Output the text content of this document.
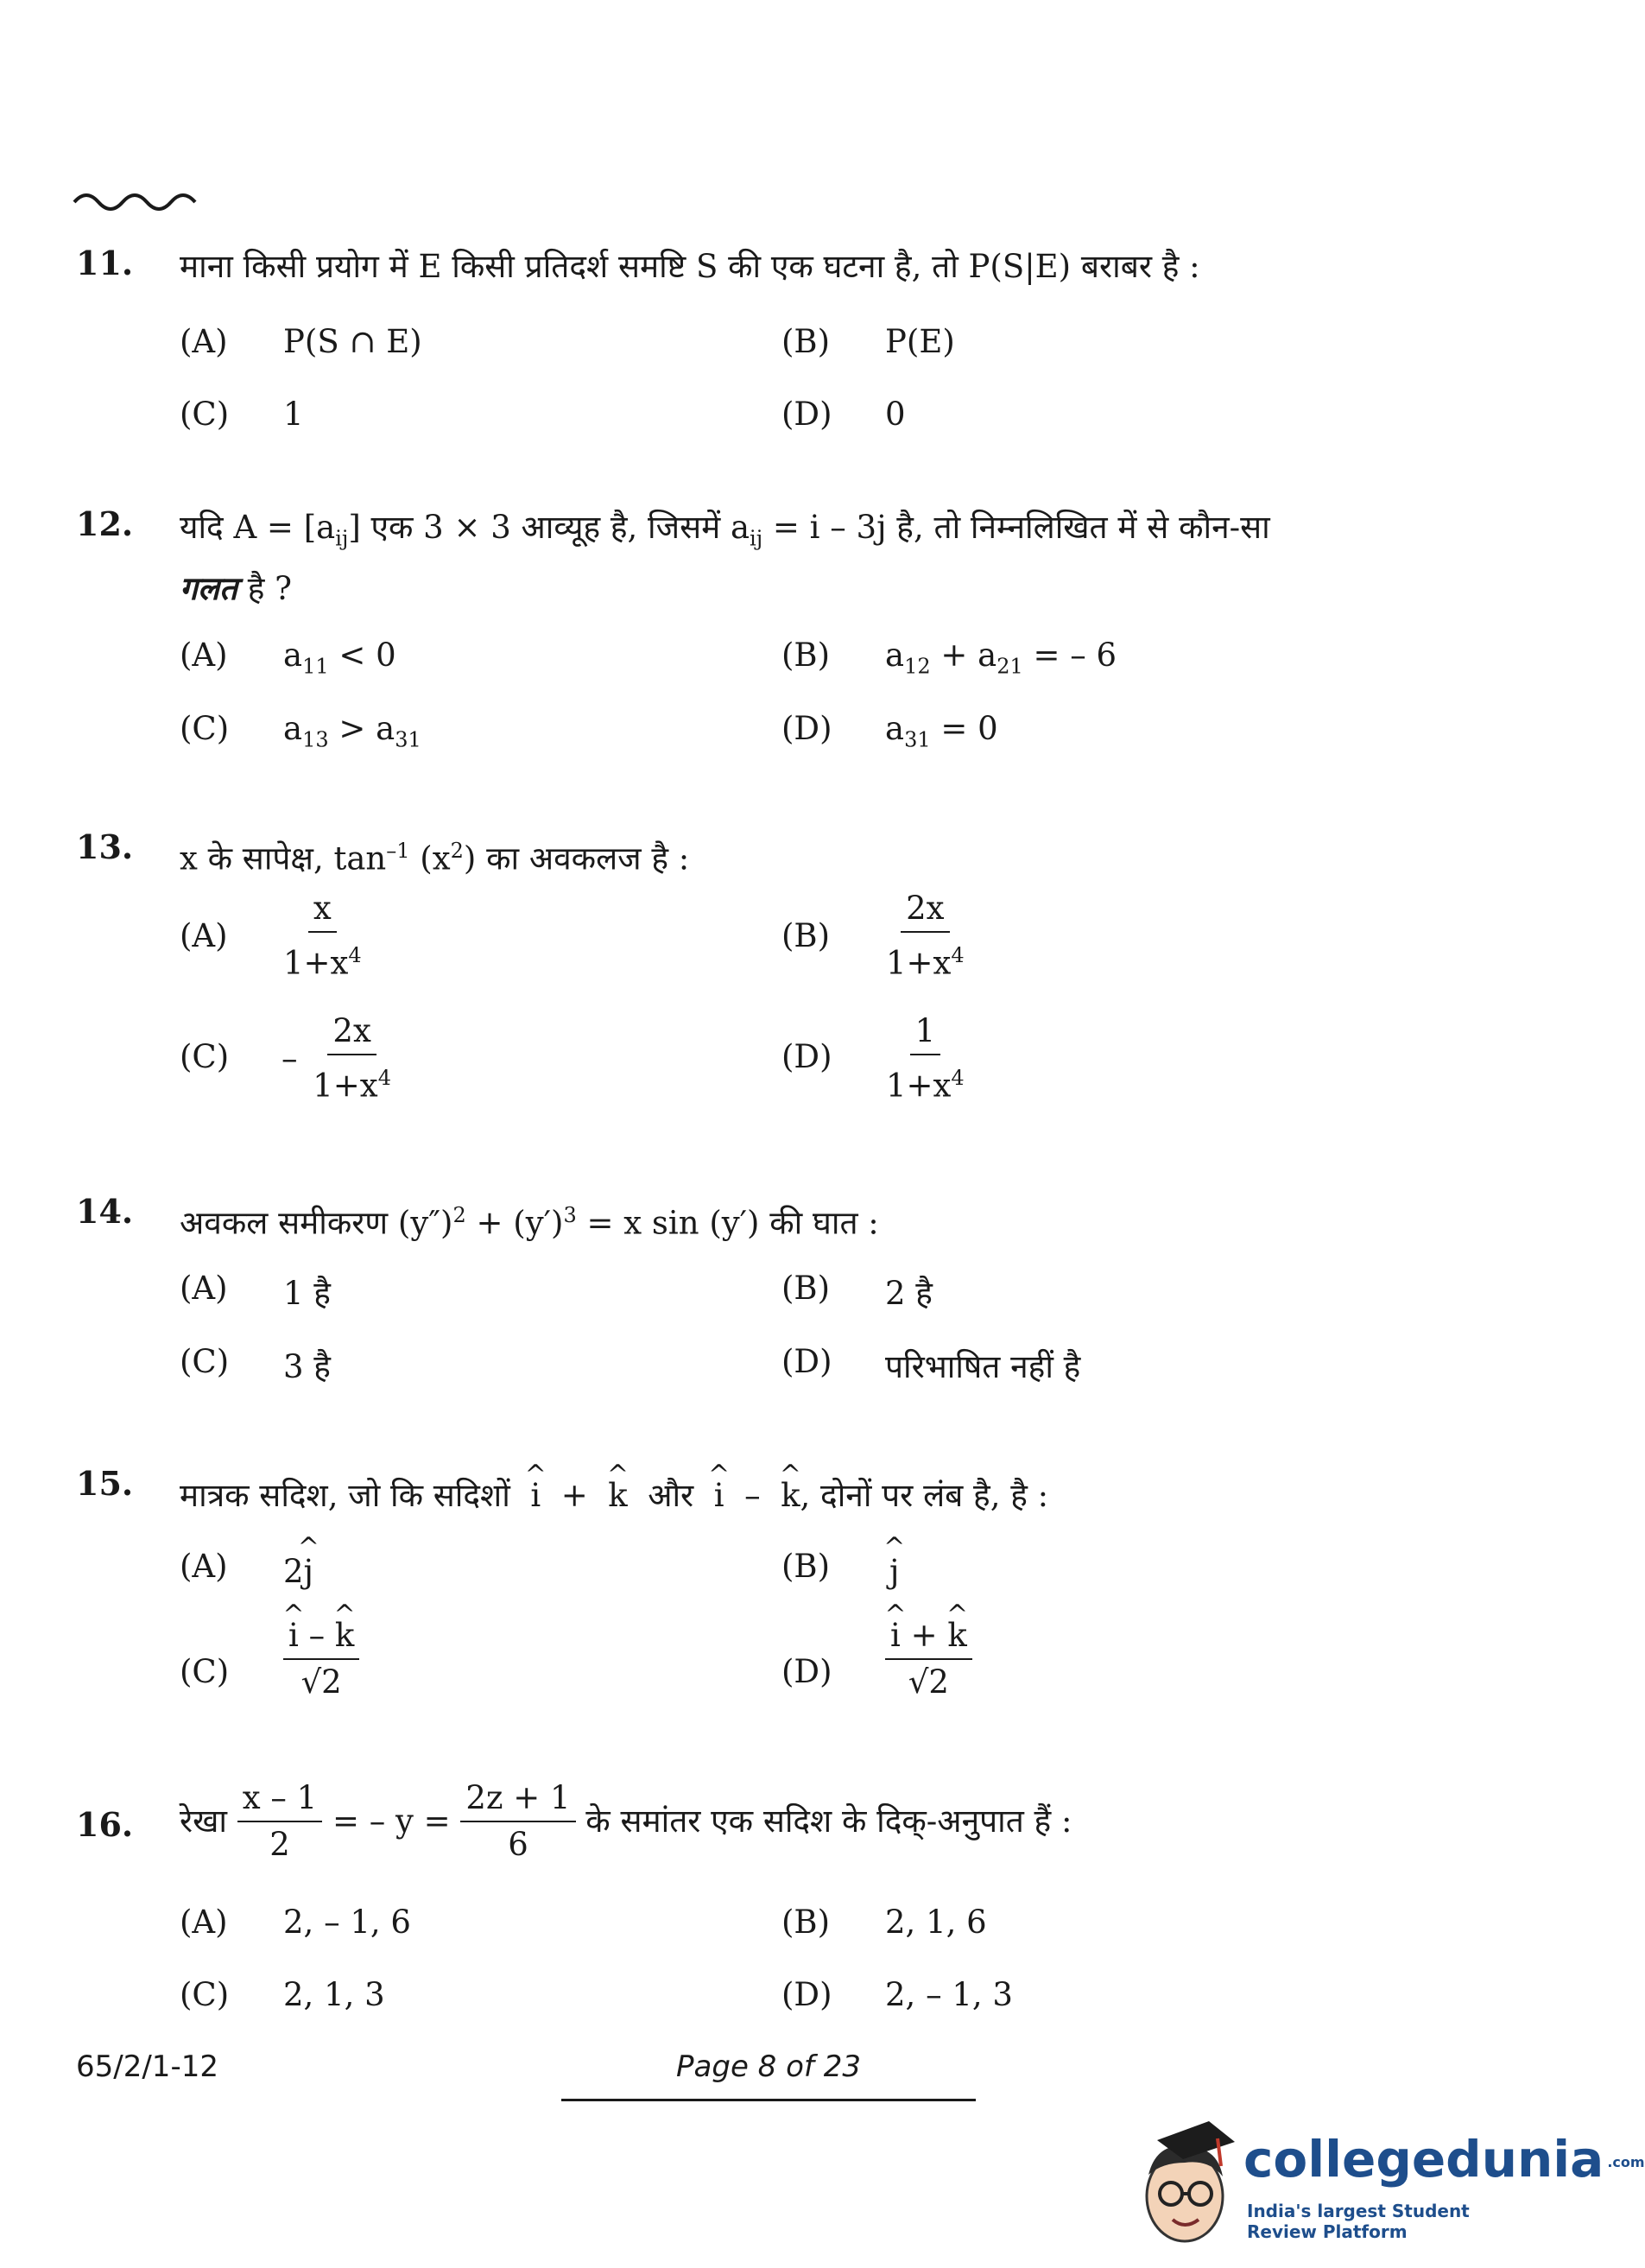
11. माना किसी प्रयोग में E किसी प्रतिदर्श समष्टि S की एक घटना है, तो P(S|E) बराबर है :
(A) P(S ∩ E)	(B) P(E)
(C) 1	(D) 0
12. यदि $A = [a_{ij}]$ एक 3 × 3 आव्यूह है, जिसमें $a_{ij} = i - 3j$ है, तो निम्नलिखित में से कौन-सा
गलत है ?
(A) $a_{11} < 0$	(B) $a_{12} + a_{21}$ = – 6
(C) $a_{13} > a_{31}$	(D) $a_{31} = 0$
13. x के सापेक्ष, $\tan^{-1} (x^2)$ का अवकलज है :
$(A) \frac{x}{1+x^4}$	$(B) \frac{2x}{1+x^4}$
$(C) - \frac{2x}{1+x^4}$	$(D) \frac{1}{1+x^4}$
14. अवकल समीकरण $(y'')^2 + (y')^3 = x$ sin (y′) की घात :
(A) 1 है	(B) 2 है
(C) 3 है	(D) परिभाषित नहीं है
15. मात्रक सदिश, जो कि सदिशों ^ i + ^ k और ^ i – ^ k, दोनों पर लंब है, है :
(A) 2^ j	(B) ^ j
(C) ^ $\frac{i - \^{} k}{√2}$	(D) ^ $\frac{i + \^{} k}{√2}$
16. रेखा $\frac{x - 1}{2}$ = – $y = \frac{2z + 1}{6}$ के समांतर एक सदिश के दिक्-अनुपात हैं :
(A) 2, – 1, 6	(B) 2, 1, 6
(C) 2, 1, 3	(D) 2, – 1, 3
65/2/1-12	Page 8 of 23
collegedunia .com
India's largest Student Review Platform
